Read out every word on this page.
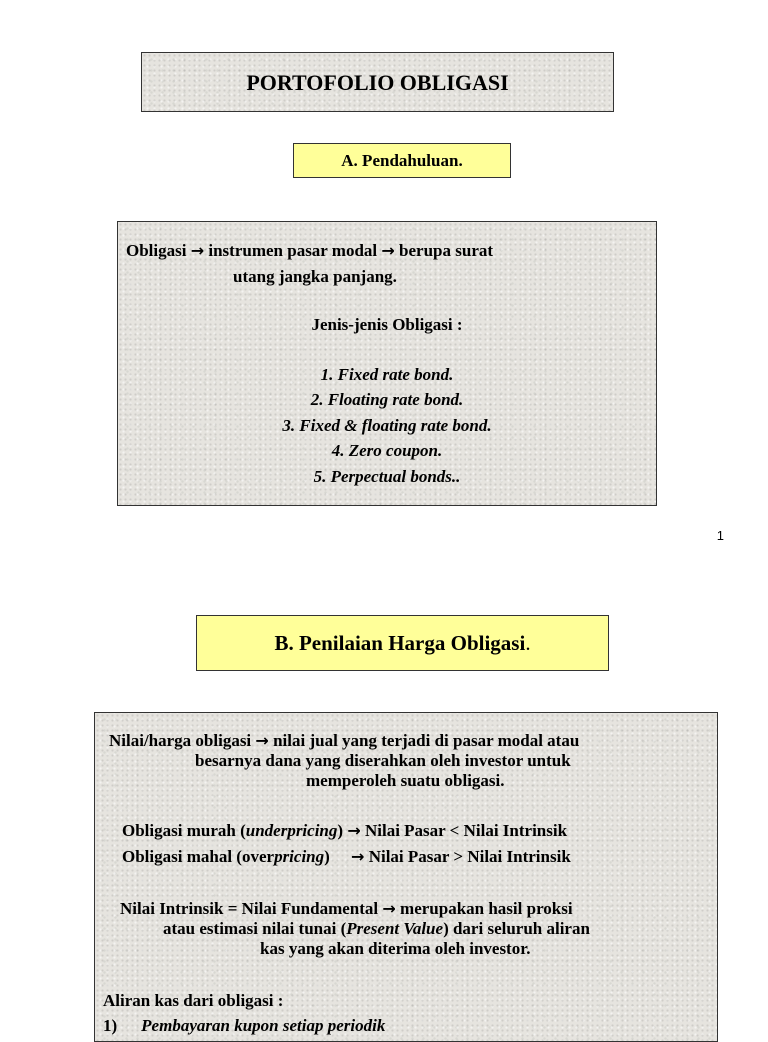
PORTOFOLIO OBLIGASI
A. Pendahuluan.
Obligasi → instrumen pasar modal → berupa surat
utang jangka panjang.
Jenis-jenis Obligasi :
1. Fixed rate bond.
2. Floating rate bond.
3. Fixed & floating rate bond.
4. Zero coupon.
5. Perpectual bonds..
1
B. Penilaian Harga Obligasi.
Nilai/harga obligasi → nilai jual yang terjadi di pasar modal atau
besarnya dana yang diserahkan oleh investor untuk
memperoleh suatu obligasi.
Obligasi murah (underpricing) → Nilai Pasar < Nilai Intrinsik
Obligasi mahal (overpricing)     → Nilai Pasar > Nilai Intrinsik
Nilai Intrinsik = Nilai Fundamental → merupakan hasil proksi
atau estimasi nilai tunai (Present Value) dari seluruh aliran
kas yang akan diterima oleh investor.
Aliran kas dari obligasi :
1) Pembayaran kupon setiap periodik
